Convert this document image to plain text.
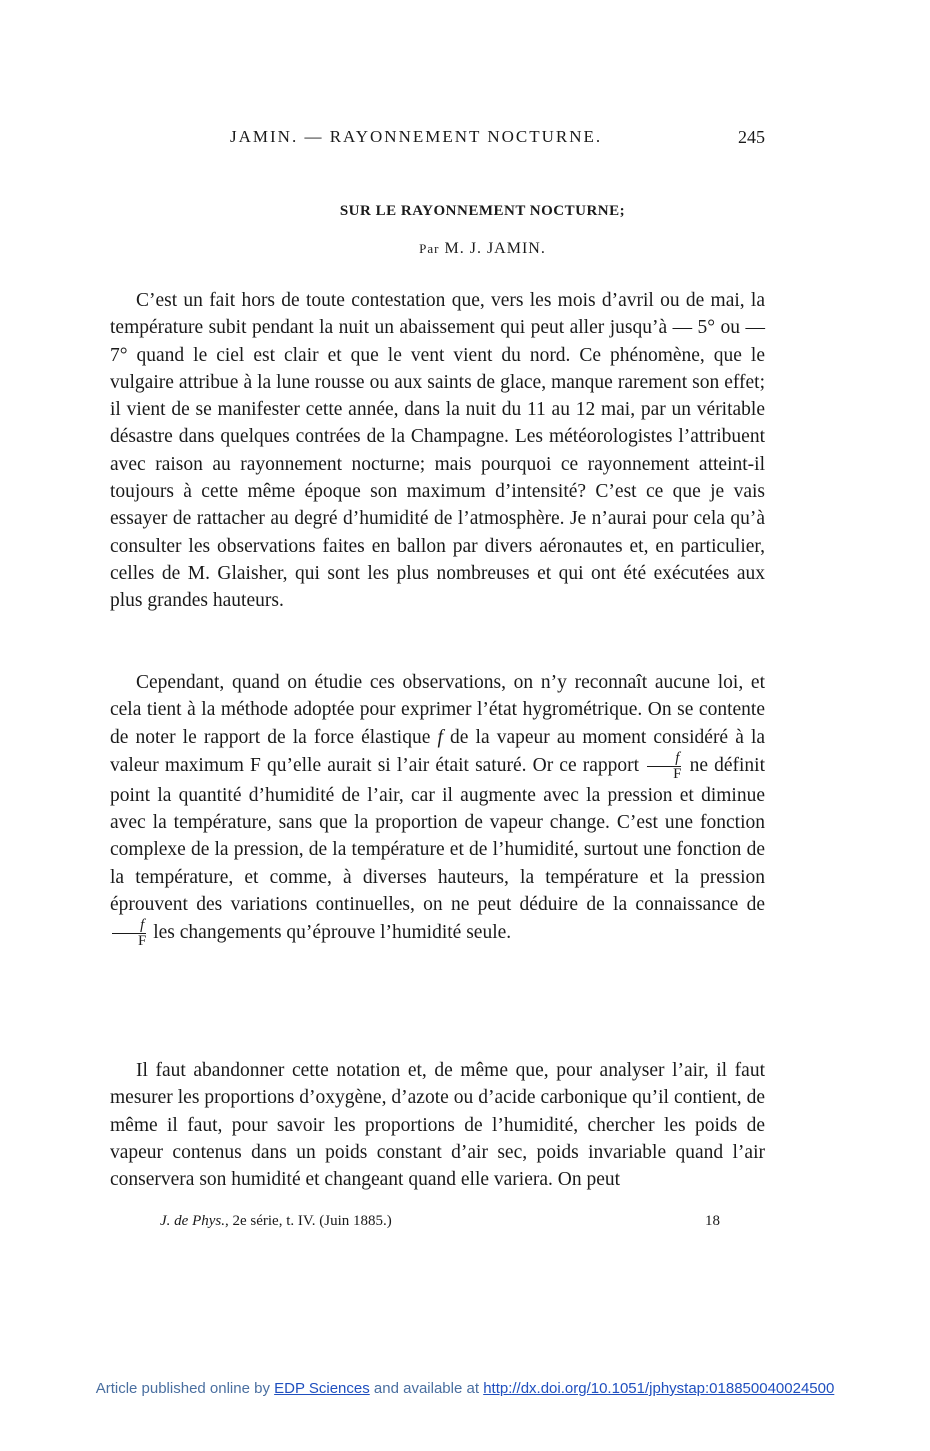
JAMIN. — RAYONNEMENT NOCTURNE.	245
SUR LE RAYONNEMENT NOCTURNE;
Par M. J. JAMIN.

C’est un fait hors de toute contestation que, vers les mois d’avril ou de mai, la température subit pendant la nuit un abaissement qui peut aller jusqu’à — 5° ou — 7° quand le ciel est clair et que le vent vient du nord. Ce phénomène, que le vulgaire attribue à la lune rousse ou aux saints de glace, manque rarement son effet; il vient de se manifester cette année, dans la nuit du 11 au 12 mai, par un véritable désastre dans quelques contrées de la Champagne. Les météorologistes l’attribuent avec raison au rayonnement nocturne; mais pourquoi ce rayonnement atteint-il toujours à cette même époque son maximum d’intensité? C’est ce que je vais essayer de rattacher au degré d’humidité de l’atmosphère. Je n’aurai pour cela qu’à consulter les observations faites en ballon par divers aéronautes et, en particulier, celles de M. Glaisher, qui sont les plus nombreuses et qui ont été exécutées aux plus grandes hauteurs.

Cependant, quand on étudie ces observations, on n’y reconnaît aucune loi, et cela tient à la méthode adoptée pour exprimer l’état hygrométrique. On se contente de noter le rapport de la force élastique f de la vapeur au moment considéré à la valeur maximum F qu’elle aurait si l’air était saturé. Or ce rapport $\frac{f}{F}$ ne définit point la quantité d’humidité de l’air, car il augmente avec la pression et diminue avec la température, sans que la proportion de vapeur change. C’est une fonction complexe de la pression, de la température et de l’humidité, surtout une fonction de la température, et comme, à diverses hauteurs, la température et la pression éprouvent des variations continuelles, on ne peut déduire de la connaissance de
$\frac{f}{F}$ les changements qu’éprouve l’humidité seule.

Il faut abandonner cette notation et, de même que, pour analyser l’air, il faut mesurer les proportions d’oxygène, d’azote ou d’acide carbonique qu’il contient, de même il faut, pour savoir les proportions de l’humidité, chercher les poids de vapeur contenus dans un poids constant d’air sec, poids invariable quand l’air conservera son humidité et changeant quand elle variera. On peut

J. de Phys., 2e série, t. IV. (Juin 1885.)	18
Article published online by EDP Sciences and available at http://dx.doi.org/10.1051/jphystap:018850040024500
